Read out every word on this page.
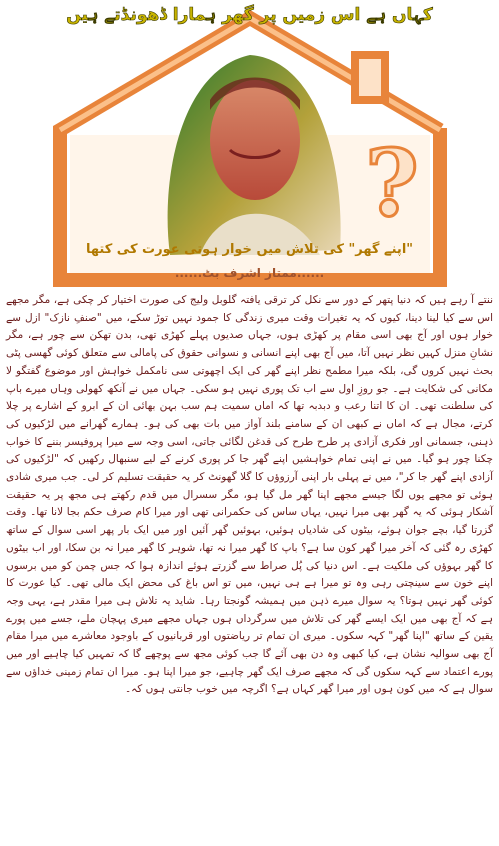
?
کہاں ہے اس زمیں پر گھر ہمارا ڈھونڈتے ہیں
"اپنے گھر" کی تلاش میں خوار ہوتی عورت کی کتھا
......ممتاز اشرف بٹ......

ننتے آ رہے ہیں کہ دنیا پتھر کے دور سے نکل کر ترقی یافتہ گلوبل ولیج کی صورت اختیار کر چکی ہے، مگر مجھے اس سے کیا لینا دینا، کیوں کہ یہ تغیرات وقت میری زندگی کا جمود نہیں توڑ سکے، میں "صنفِ نازک" ازل سے خوار ہوں اور آج بھی اسی مقام پر کھڑی ہوں، جہاں صدیوں پہلے کھڑی تھی، بدن تھکن سے چور ہے، مگر نشانِ منزل کہیں نظر نہیں آتا، میں آج بھی اپنے انسانی و نسوانی حقوق کی پامالی سے متعلق کوئی گھسی پٹی بحث نہیں کروں گی، بلکہ میرا مطمح نظر اپنے گھر کی ایک اچھوتی سی نامکمل خواہش اور موضوع گفتگو لا مکانی کی شکایت ہے۔ جو روزِ اول سے اب تک پوری نہیں ہو سکی۔ جہاں میں نے آنکھ کھولی وہاں میرے باپ کی سلطنت تھی۔ ان کا اتنا رعب و دبدبہ تھا کہ اماں سمیت ہم سب بہن بھائی ان کے ابرو کے اشارے پر چلا کرتے، مجال ہے کہ اماں نے کبھی ان کے سامنے بلند آواز میں بات بھی کی ہو۔ ہمارے گھرانے میں لڑکیوں کی ذہنی، جسمانی اور فکری آزادی پر طرح طرح کی قدغن لگائی جاتی، اسی وجہ سے میرا پروفیسر بننے کا خواب چکنا چور ہو گیا۔ میں نے اپنی تمام خواہشیں اپنے گھر جا کر پوری کرنے کے لیے سنبھال رکھیں کہ "لڑکیوں کی آزادی اپنے گھر جا کر"، میں نے پہلی بار اپنی آرزوؤں کا گلا گھونٹ کر یہ حقیقت تسلیم کر لی۔ جب میری شادی ہوئی تو مجھے یوں لگا جیسے مجھے اپنا گھر مل گیا ہو، مگر سسرال میں قدم رکھتے ہی مجھ پر یہ حقیقت آشکار ہوئی کہ یہ گھر بھی میرا نہیں، یہاں ساس کی حکمرانی تھی اور میرا کام صرف حکم بجا لانا تھا۔ وقت گزرتا گیا، بچے جوان ہوئے، بیٹوں کی شادیاں ہوئیں، بہوئیں گھر آئیں اور میں ایک بار پھر اسی سوال کے ساتھ کھڑی رہ گئی کہ آخر میرا گھر کون سا ہے؟ باپ کا گھر میرا نہ تھا، شوہر کا گھر میرا نہ بن سکا، اور اب بیٹوں کا گھر بہوؤں کی ملکیت ہے۔ اس دنیا کی پُل صراط سے گزرتے ہوئے اندازہ ہوا کہ جس چمن کو میں برسوں اپنے خون سے سینچتی رہی وہ تو میرا ہے ہی نہیں، میں تو اس باغ کی محض ایک مالی تھی۔ کیا عورت کا کوئی گھر نہیں ہوتا؟ یہ سوال میرے ذہن میں ہمیشہ گونجتا رہا۔ شاید یہ تلاش ہی میرا مقدر ہے، یہی وجہ ہے کہ آج بھی میں ایک ایسے گھر کی تلاش میں سرگرداں ہوں جہاں مجھے میری پہچان ملے، جسے میں پورے یقین کے ساتھ "اپنا گھر" کہہ سکوں۔ میری ان تمام تر ریاضتوں اور قربانیوں کے باوجود معاشرے میں میرا مقام آج بھی سوالیہ نشان ہے، کیا کبھی وہ دن بھی آئے گا جب کوئی مجھ سے پوچھے گا کہ تمہیں کیا چاہیے اور میں پورے اعتماد سے کہہ سکوں گی کہ مجھے صرف ایک گھر چاہیے، جو میرا اپنا ہو۔ میرا ان تمام زمینی خداؤں سے سوال ہے کہ میں کون ہوں اور میرا گھر کہاں ہے؟ اگرچہ میں خوب جانتی ہوں کہ۔
